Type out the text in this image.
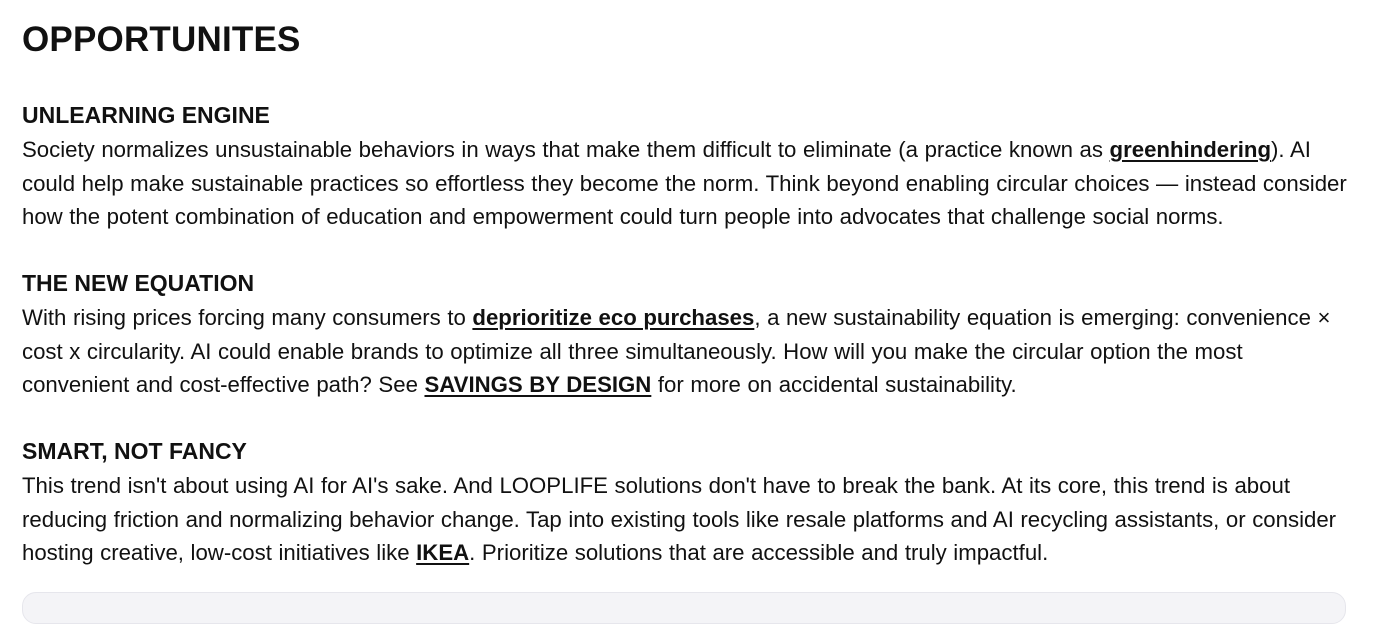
OPPORTUNITES
UNLEARNING ENGINE

Society normalizes unsustainable behaviors in ways that make them difficult to eliminate (a practice known as greenhindering). AI could help make sustainable practices so effortless they become the norm. Think beyond enabling circular choices — instead consider how the potent combination of education and empowerment could turn people into advocates that challenge social norms.

THE NEW EQUATION

With rising prices forcing many consumers to deprioritize eco purchases, a new sustainability equation is emerging: convenience × cost x circularity. AI could enable brands to optimize all three simultaneously. How will you make the circular option the most convenient and cost-effective path? See SAVINGS BY DESIGN for more on accidental sustainability.

SMART, NOT FANCY

This trend isn't about using AI for AI's sake. And LOOPLIFE solutions don't have to break the bank. At its core, this trend is about reducing friction and normalizing behavior change. Tap into existing tools like resale platforms and AI recycling assistants, or consider hosting creative, low-cost initiatives like IKEA. Prioritize solutions that are accessible and truly impactful.
